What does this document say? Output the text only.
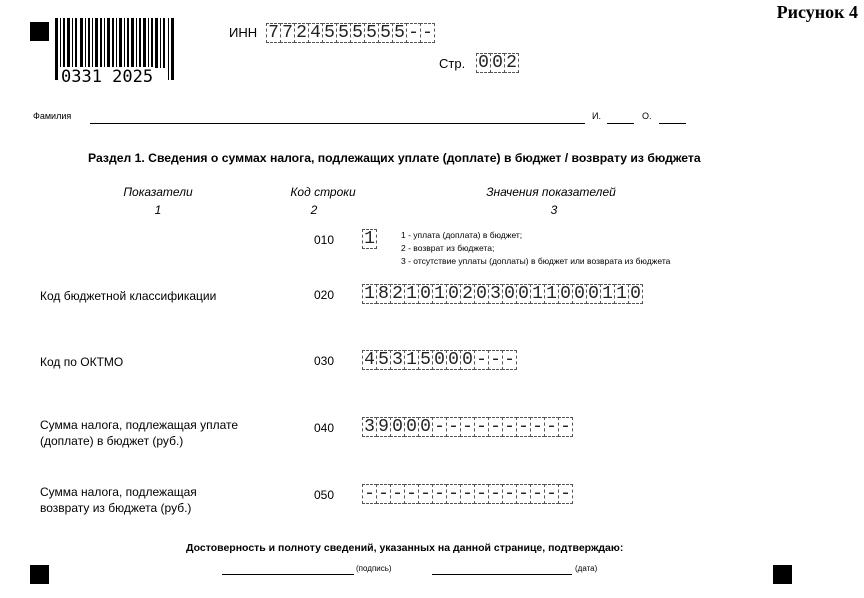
Рисунок 4
0331 2025
ИНН 7 7 2 4 5 5 5 5 5 5 - -
Стр. 0 0 2
Фамилия	И.	О.
Раздел 1. Сведения о суммах налога, подлежащих уплате (доплате) в бюджет / возврату из бюджета
Показатели
1
Код строки
2
Значения показателей
3
010 1	1 - уплата (доплата) в бюджет;
2 - возврат из бюджета;
3 - отсутствие уплаты (доплаты) в бюджет или возврата из бюджета
Код бюджетной классификации	020 1 8 2 1 0 1 0 2 0 3 0 0 1 1 0 0 0 1 1 0
Код по ОКТМО	030 4 5 3 1 5 0 0 0 - - -
Сумма налога, подлежащая уплате (доплате) в бюджет (руб.)
040 3 9 0 0 0 - - - - - - - - - -
Сумма налога, подлежащая возврату из бюджета (руб.)
050 - - - - - - - - - - - - - - -
Достоверность и полноту сведений, указанных на данной странице, подтверждаю:
(подпись)	(дата)
